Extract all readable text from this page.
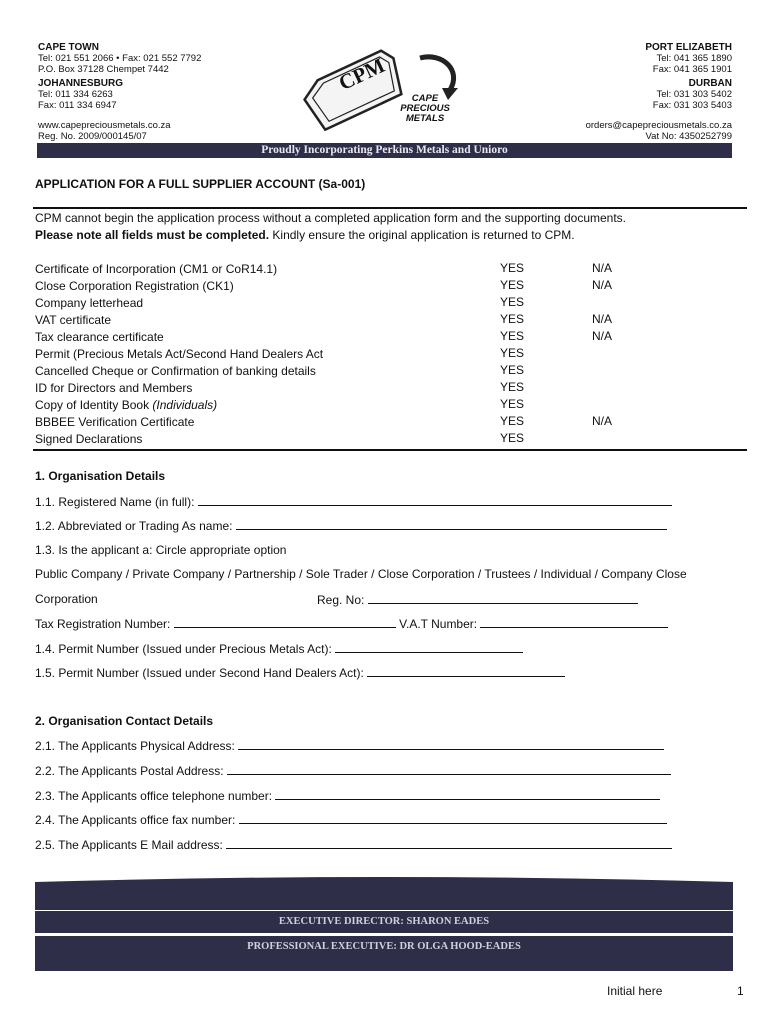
CAPE TOWN
Tel: 021 551 2066 • Fax: 021 552 7792
P.O. Box 37128 Chempet 7442
JOHANNESBURG
Tel: 011 334 6263
Fax: 011 334 6947
www.capepreciousmetals.co.za
Reg. No. 2009/000145/07
PORT ELIZABETH
Tel: 041 365 1890
Fax: 041 365 1901
DURBAN
Tel: 031 303 5402
Fax: 031 303 5403
orders@capepreciousmetals.co.za
Vat No: 4350252799
CPM
CAPE
PRECIOUS
METALS
Proudly Incorporating Perkins Metals and Unioro
APPLICATION FOR A FULL SUPPLIER ACCOUNT (Sa-001)
CPM cannot begin the application process without a completed application form and the supporting documents.
Please note all fields must be completed. Kindly ensure the original application is returned to CPM.
Certificate of Incorporation (CM1 or CoR14.1)	YES	N/A
Close Corporation Registration (CK1)	YES	N/A
Company letterhead	YES
VAT certificate	YES	N/A
Tax clearance certificate	YES	N/A
Permit (Precious Metals Act/Second Hand Dealers Act	YES
Cancelled Cheque or Confirmation of banking details	YES
ID for Directors and Members	YES
Copy of Identity Book (Individuals)	YES
BBBEE Verification Certificate	YES	N/A
Signed Declarations	YES
1. Organisation Details
1.1. Registered Name (in full):
1.2. Abbreviated or Trading As name:
1.3. Is the applicant a: Circle appropriate option
Public Company / Private Company / Partnership / Sole Trader / Close Corporation / Trustees / Individual / Company Close
Corporation	Reg. No:
Tax Registration Number:	V.A.T Number:
1.4. Permit Number (Issued under Precious Metals Act):
1.5. Permit Number (Issued under Second Hand Dealers Act):
2. Organisation Contact Details
2.1. The Applicants Physical Address:
2.2. The Applicants Postal Address:
2.3. The Applicants office telephone number:
2.4. The Applicants office fax number:
2.5. The Applicants E Mail address:
EXECUTIVE DIRECTOR: SHARON EADES
PROFESSIONAL EXECUTIVE: DR OLGA HOOD-EADES
Initial here	1
